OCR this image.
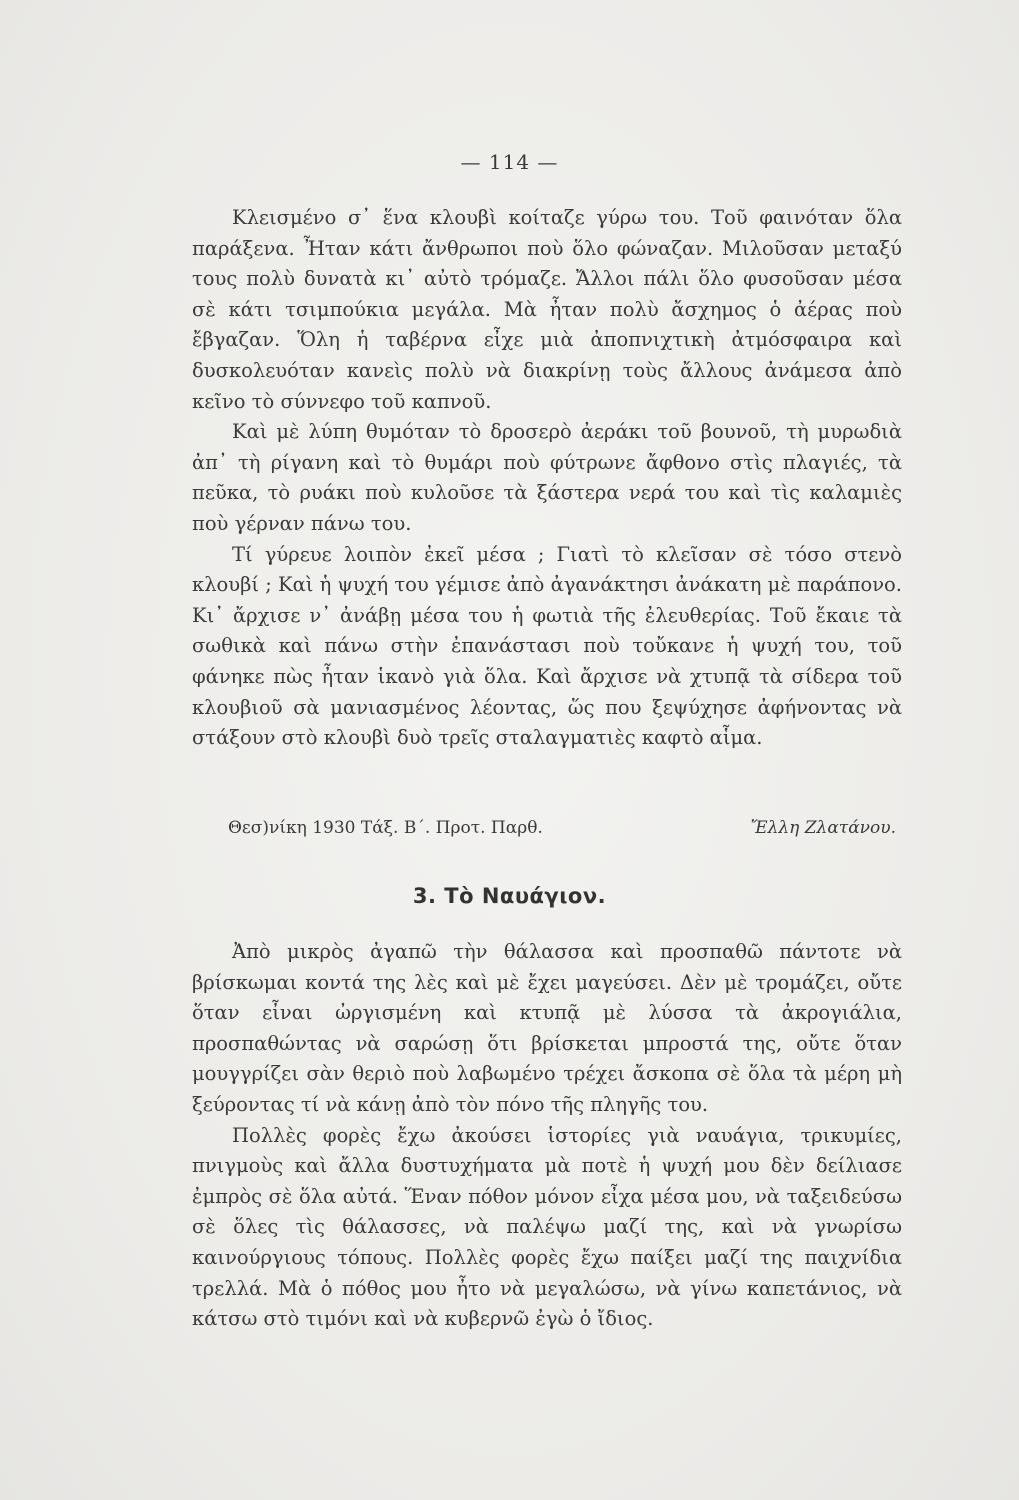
— 114 —

Κλεισμένο σ᾽ ἕνα κλουβὶ κοίταζε γύρω του. Τοῦ φαινόταν ὅλα παράξενα. Ἦταν κάτι ἄνθρωποι ποὺ ὅλο φώναζαν. Μιλοῦσαν μεταξύ τους πολὺ δυνατὰ κι᾽ αὐτὸ τρόμαζε. Ἄλλοι πάλι ὅλο φυσοῦσαν μέσα σὲ κάτι τσιμπούκια μεγάλα. Μὰ ἦταν πολὺ ἄσχημος ὁ ἀέρας ποὺ ἔβγαζαν. Ὅλη ἡ ταβέρνα εἶχε μιὰ ἀποπνιχτικὴ ἀτμόσφαιρα καὶ δυσκολευόταν κανεὶς πολὺ νὰ διακρίνῃ τοὺς ἄλλους ἀνάμεσα ἀπὸ κεῖνο τὸ σύννεφο τοῦ καπνοῦ.

Καὶ μὲ λύπη θυμόταν τὸ δροσερὸ ἀεράκι τοῦ βουνοῦ, τὴ μυρωδιὰ ἀπ᾽ τὴ ρίγανη καὶ τὸ θυμάρι ποὺ φύτρωνε ἄφθονο στὶς πλαγιές, τὰ πεῦκα, τὸ ρυάκι ποὺ κυλοῦσε τὰ ξάστερα νερά του καὶ τὶς καλαμιὲς ποὺ γέρναν πάνω του.

Τί γύρευε λοιπὸν ἐκεῖ μέσα ; Γιατὶ τὸ κλεῖσαν σὲ τόσο στενὸ κλουβί ; Καὶ ἡ ψυχή του γέμισε ἀπὸ ἀγανάκτησι ἀνάκατη μὲ παράπονο. Κι᾽ ἄρχισε ν᾽ ἀνάβῃ μέσα του ἡ φωτιὰ τῆς ἐλευθερίας. Τοῦ ἔκαιε τὰ σωθικὰ καὶ πάνω στὴν ἐπανάστασι ποὺ τοὔκανε ἡ ψυχή του, τοῦ φάνηκε πὼς ἦταν ἱκανὸ γιὰ ὅλα. Καὶ ἄρχισε νὰ χτυπᾷ τὰ σίδερα τοῦ κλουβιοῦ σὰ μανιασμένος λέοντας, ὥς που ξεψύχησε ἀφήνοντας νὰ στάξουν στὸ κλουβὶ δυὸ τρεῖς σταλαγματιὲς καφτὸ αἷμα.

Θεσ)νίκη 1930 Τάξ. Β΄. Προτ. Παρθ.	Ἔλλη Ζλατάνου.
3. Τὸ Ναυάγιον.

Ἀπὸ μικρὸς ἀγαπῶ τὴν θάλασσα καὶ προσπαθῶ πάντοτε νὰ βρίσκωμαι κοντά της λὲς καὶ μὲ ἔχει μαγεύσει. Δὲν μὲ τρομάζει, οὔτε ὅταν εἶναι ὠργισμένη καὶ κτυπᾷ μὲ λύσσα τὰ ἀκρογιάλια, προσπαθώντας νὰ σαρώσῃ ὅτι βρίσκεται μπροστά της, οὔτε ὅταν μουγγρίζει σὰν θεριὸ ποὺ λαβωμένο τρέχει ἄσκοπα σὲ ὅλα τὰ μέρη μὴ ξεύροντας τί νὰ κάνῃ ἀπὸ τὸν πόνο τῆς πληγῆς του.

Πολλὲς φορὲς ἔχω ἀκούσει ἱστορίες γιὰ ναυάγια, τρικυμίες, πνιγμοὺς καὶ ἄλλα δυστυχήματα μὰ ποτὲ ἡ ψυχή μου δὲν δείλιασε ἐμπρὸς σὲ ὅλα αὐτά. Ἕναν πόθον μόνον εἶχα μέσα μου, νὰ ταξειδεύσω σὲ ὅλες τὶς θάλασσες, νὰ παλέψω μαζί της, καὶ νὰ γνωρίσω καινούργιους τόπους. Πολλὲς φορὲς ἔχω παίξει μαζί της παιχνίδια τρελλά. Μὰ ὁ πόθος μου ἦτο νὰ μεγαλώσω, νὰ γίνω καπετάνιος, νὰ κάτσω στὸ τιμόνι καὶ νὰ κυβερνῶ ἐγὼ ὁ ἴδιος.
